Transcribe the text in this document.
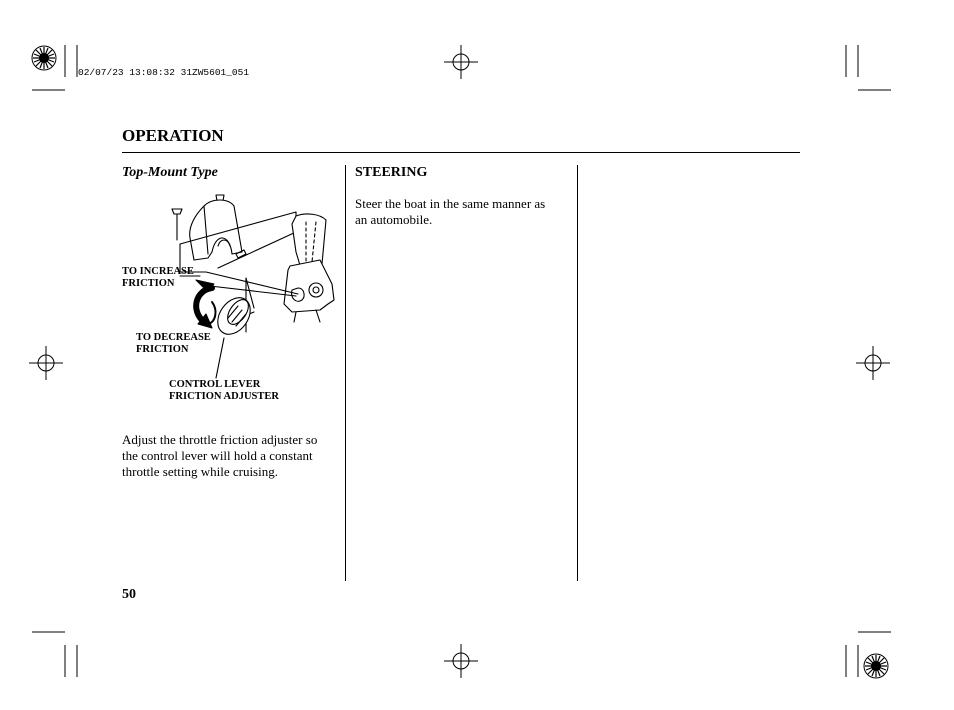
02/07/23 13:08:32 31ZW5601_051
OPERATION
Top-Mount Type
TO INCREASE
FRICTION
TO DECREASE
FRICTION
CONTROL LEVER
FRICTION ADJUSTER
Adjust the throttle friction adjuster so
the control lever will hold a constant
throttle setting while cruising.
STEERING
Steer the boat in the same manner as
an automobile.
50
